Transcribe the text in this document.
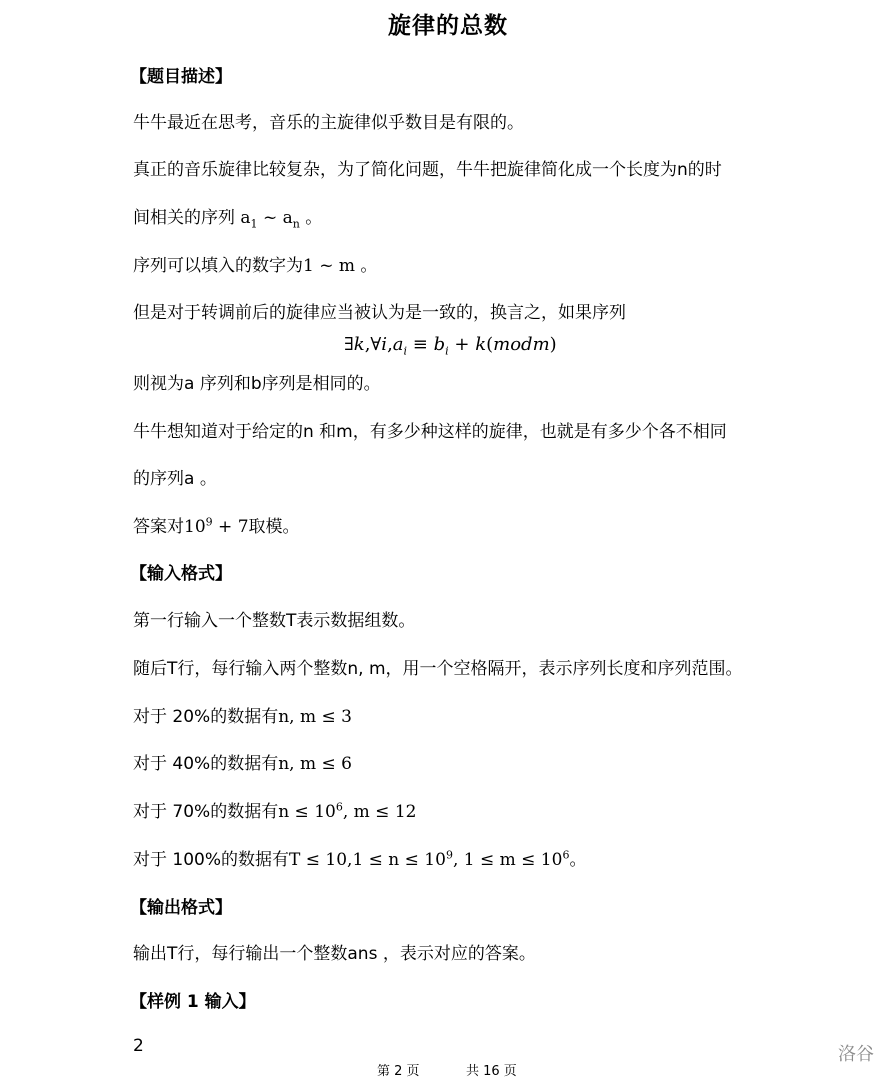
旋律的总数
【题目描述】
牛牛最近在思考，音乐的主旋律似乎数目是有限的。
真正的音乐旋律比较复杂，为了简化问题，牛牛把旋律简化成一个长度为n的时
间相关的序列 $a_1$ ~ $a_n$ 。
序列可以填入的数字为1 ~ m 。
但是对于转调前后的旋律应当被认为是一致的，换言之，如果序列
$\exists k,\forall i,a_i \equiv b_i$ + k(modm)
则视为a 序列和b序列是相同的。
牛牛想知道对于给定的n 和m，有多少种这样的旋律，也就是有多少个各不相同
的序列a 。
答案对$10^9 + 7$取模。
【输入格式】
第一行输入一个整数T表示数据组数。
随后T行，每行输入两个整数n, m，用一个空格隔开，表示序列长度和序列范围。
对于 20%的数据有n, m ≤ 3
对于 40%的数据有n, m ≤ 6
对于 70%的数据有$n \le 10^6$, m ≤ 12
对于 100%的数据有$T \le 10,1 \le n \le 10^9$, $1 \le m \le 10^6$。
【输出格式】
输出T行，每行输出一个整数ans ，表示对应的答案。
【样例 1 输入】
2
第 2 页	共 16 页
洛谷
